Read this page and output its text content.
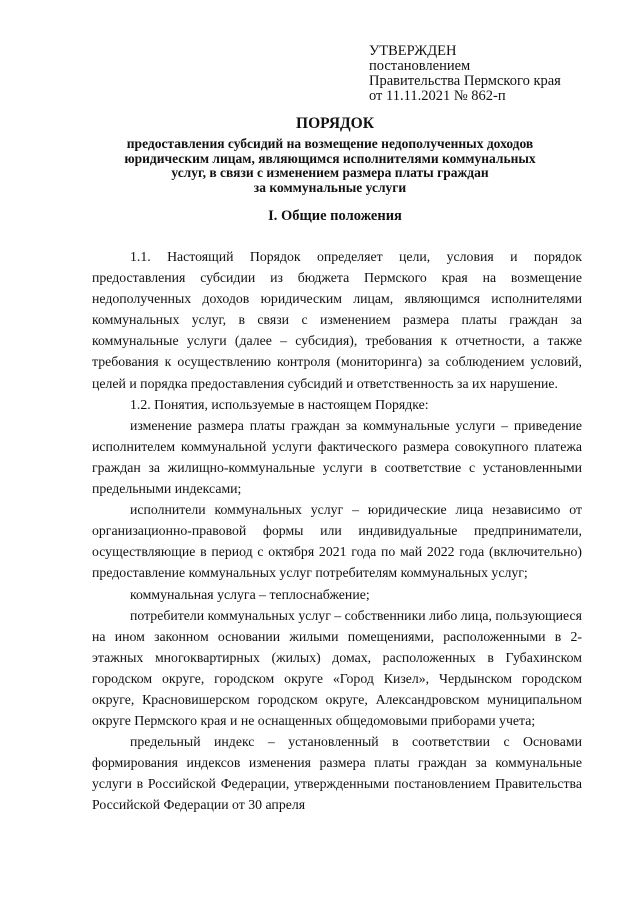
УТВЕРЖДЕН
постановлением
Правительства Пермского края
от 11.11.2021 № 862-п
ПОРЯДОК
предоставления субсидий на возмещение недополученных доходов
юридическим лицам, являющимся исполнителями коммунальных
услуг, в связи с изменением размера платы граждан
за коммунальные услуги
I. Общие положения
1.1. Настоящий Порядок определяет цели, условия и порядок предоставления субсидии из бюджета Пермского края на возмещение недополученных доходов юридическим лицам, являющимся исполнителями коммунальных услуг, в связи с изменением размера платы граждан за коммунальные услуги (далее – субсидия), требования к отчетности, а также требования к осуществлению контроля (мониторинга) за соблюдением условий, целей и порядка предоставления субсидий и ответственность за их нарушение.
1.2. Понятия, используемые в настоящем Порядке:
изменение размера платы граждан за коммунальные услуги – приведение исполнителем коммунальной услуги фактического размера совокупного платежа граждан за жилищно-коммунальные услуги в соответствие с установленными предельными индексами;
исполнители коммунальных услуг – юридические лица независимо от организационно-правовой формы или индивидуальные предприниматели, осуществляющие в период с октября 2021 года по май 2022 года (включительно) предоставление коммунальных услуг потребителям коммунальных услуг;
коммунальная услуга – теплоснабжение;
потребители коммунальных услуг – собственники либо лица, пользующиеся на ином законном основании жилыми помещениями, расположенными в 2-этажных многоквартирных (жилых) домах, расположенных в Губахинском городском округе, городском округе «Город Кизел», Чердынском городском округе, Красновишерском городском округе, Александровском муниципальном округе Пермского края и не оснащенных общедомовыми приборами учета;
предельный индекс – установленный в соответствии с Основами формирования индексов изменения размера платы граждан за коммунальные услуги в Российской Федерации, утвержденными постановлением Правительства Российской Федерации от 30 апреля
